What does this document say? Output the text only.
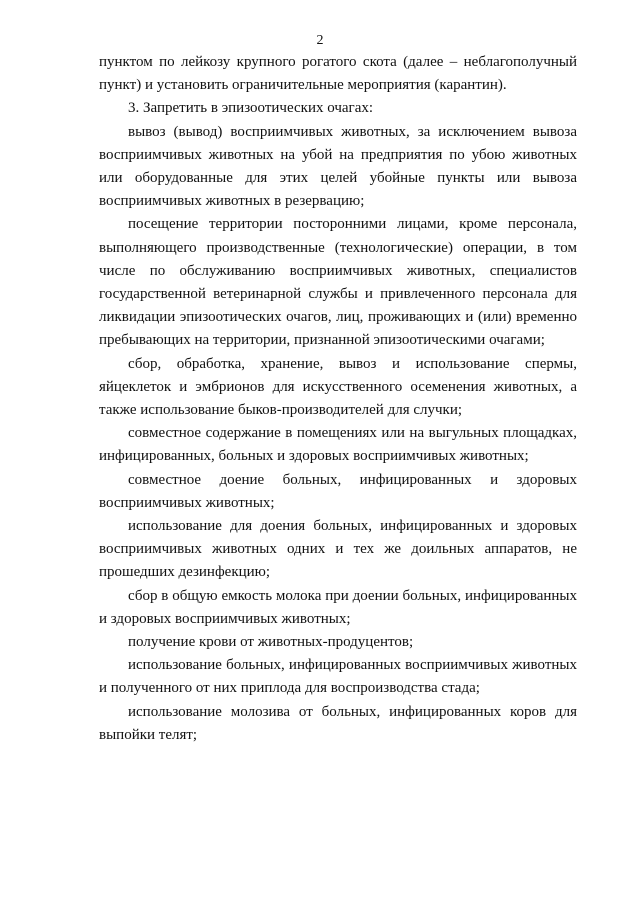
2

пунктом по лейкозу крупного рогатого скота (далее – неблагополучный пункт) и установить ограничительные мероприятия (карантин).

3. Запретить в эпизоотических очагах:

вывоз (вывод) восприимчивых животных, за исключением вывоза восприимчивых животных на убой на предприятия по убою животных или оборудованные для этих целей убойные пункты или вывоза восприимчивых животных в резервацию;

посещение территории посторонними лицами, кроме персонала, выполняющего производственные (технологические) операции, в том числе по обслуживанию восприимчивых животных, специалистов государственной ветеринарной службы и привлеченного персонала для ликвидации эпизоотических очагов, лиц, проживающих и (или) временно пребывающих на территории, признанной эпизоотическими очагами;

сбор, обработка, хранение, вывоз и использование спермы, яйцеклеток и эмбрионов для искусственного осеменения животных, а также использование быков-производителей для случки;

совместное содержание в помещениях или на выгульных площадках, инфицированных, больных и здоровых восприимчивых животных;

совместное доение больных, инфицированных и здоровых восприимчивых животных;

использование для доения больных, инфицированных и здоровых восприимчивых животных одних и тех же доильных аппаратов, не прошедших дезинфекцию;

сбор в общую емкость молока при доении больных, инфицированных и здоровых восприимчивых животных;

получение крови от животных-продуцентов;

использование больных, инфицированных восприимчивых животных и полученного от них приплода для воспроизводства стада;

использование молозива от больных, инфицированных коров для выпойки телят;
